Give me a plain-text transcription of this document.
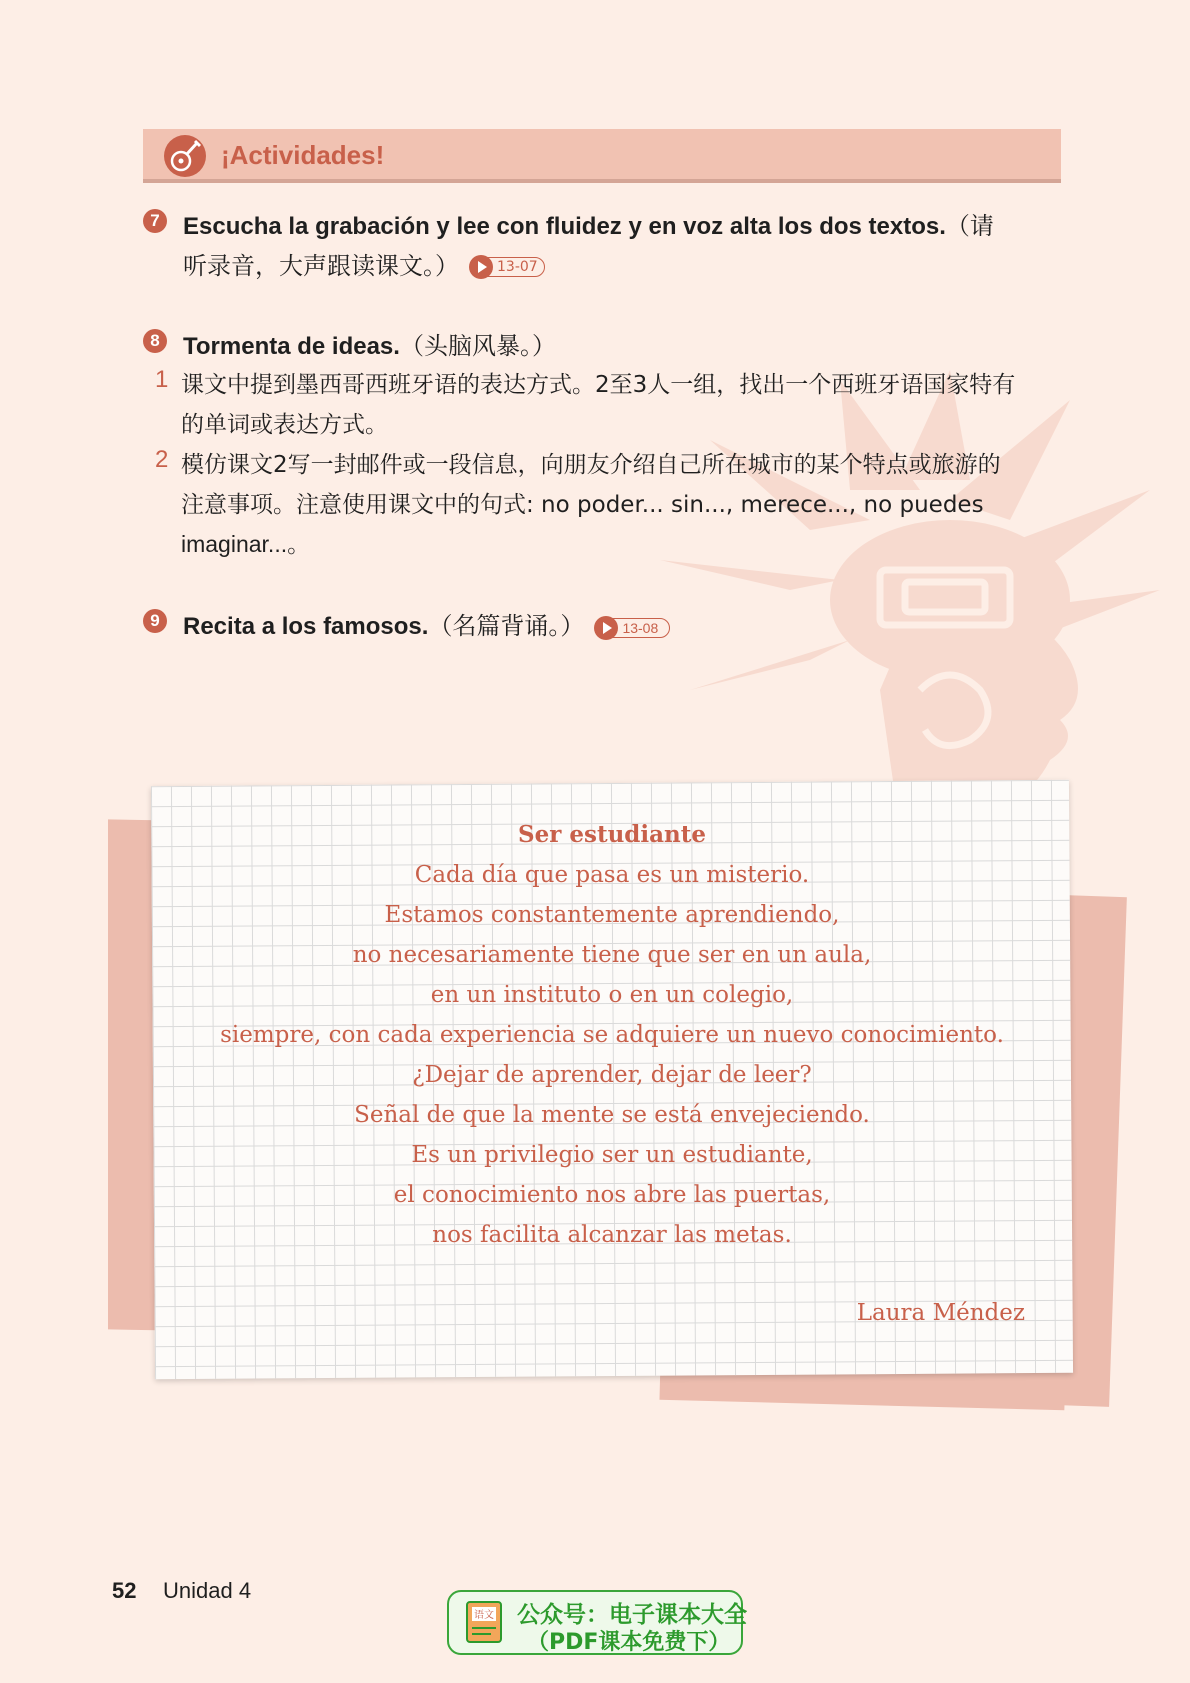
¡Actividades!
7 Escucha la grabación y lee con fluidez y en voz alta los dos textos.（请
听录音，大声跟读课文。）	13-07
8 Tormenta de ideas.（头脑风暴。）
1 课文中提到墨西哥西班牙语的表达方式。2至3人一组，找出一个西班牙语国家特有
的单词或表达方式。
2 模仿课文2写一封邮件或一段信息，向朋友介绍自己所在城市的某个特点或旅游的
注意事项。注意使用课文中的句式: no poder... sin..., merece..., no puedes
imaginar...。
9 Recita a los famosos.（名篇背诵。）	13-08
Ser estudiante
Cada día que pasa es un misterio.
Estamos constantemente aprendiendo,
no necesariamente tiene que ser en un aula,
en un instituto o en un colegio,
siempre, con cada experiencia se adquiere un nuevo conocimiento.
¿Dejar de aprender, dejar de leer?
Señal de que la mente se está envejeciendo.
Es un privilegio ser un estudiante,
el conocimiento nos abre las puertas,
nos facilita alcanzar las metas.
Laura Méndez
52 Unidad 4
语文 公众号：电子课本大全
（PDF课本免费下）
